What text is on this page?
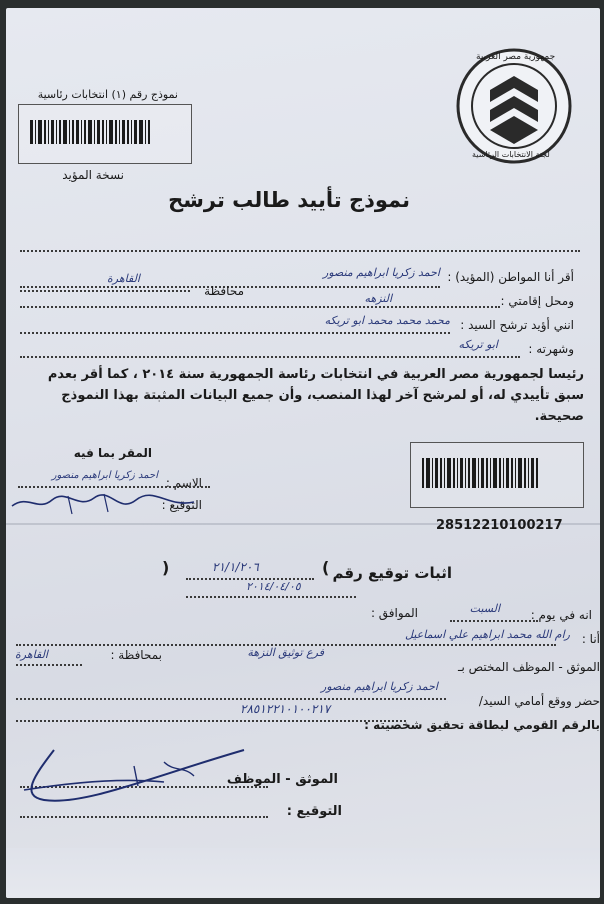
جمهورية مصر العربية
لجنة الانتخابات الرئاسية
نموذج رقم (١) انتخابات رئاسية
نسخة المؤيد
نموذج تأييد طالب ترشح
أقر أنا المواطن (المؤيد) :
احمد زكريا ابراهيم منصور
ومحل إقامتي :
محافظة
القاهرة
النزهه
انني أؤيد ترشح السيد :
محمد محمد محمد ابو تريكه
وشهرته :
ابو تريكه
رئيسا لجمهورية مصر العربية في انتخابات رئاسة الجمهورية سنة ٢٠١٤ ، كما أقر بعدم سبق تأييدي له، أو لمرشح آخر لهذا المنصب، وأن جميع البيانات المثبتة بهذا النموذج صحيحة.
المقر بما فيه
الاسم :
احمد زكريا ابراهيم منصور
التوقيع :
28512210100217
)	٢١/١/٢٠٦	( اثبات توقيع رقم
٢٠١٤/٠٤/٠٥
انه في يوم :
السبت
الموافق :
أنا :
رام الله محمد ابراهيم علي اسماعيل
الموثق - الموظف المختص بـ
فرع توثيق النزهة
بمحافظة :
القاهرة
حضر ووقع أمامي السيد/
احمد زكريا ابراهيم منصور
٢٨٥١٢٢١٠١٠٠٢١٧
بالرقم القومي لبطاقة تحقيق شخصيته :
الموثق - الموظف
التوقيع :
